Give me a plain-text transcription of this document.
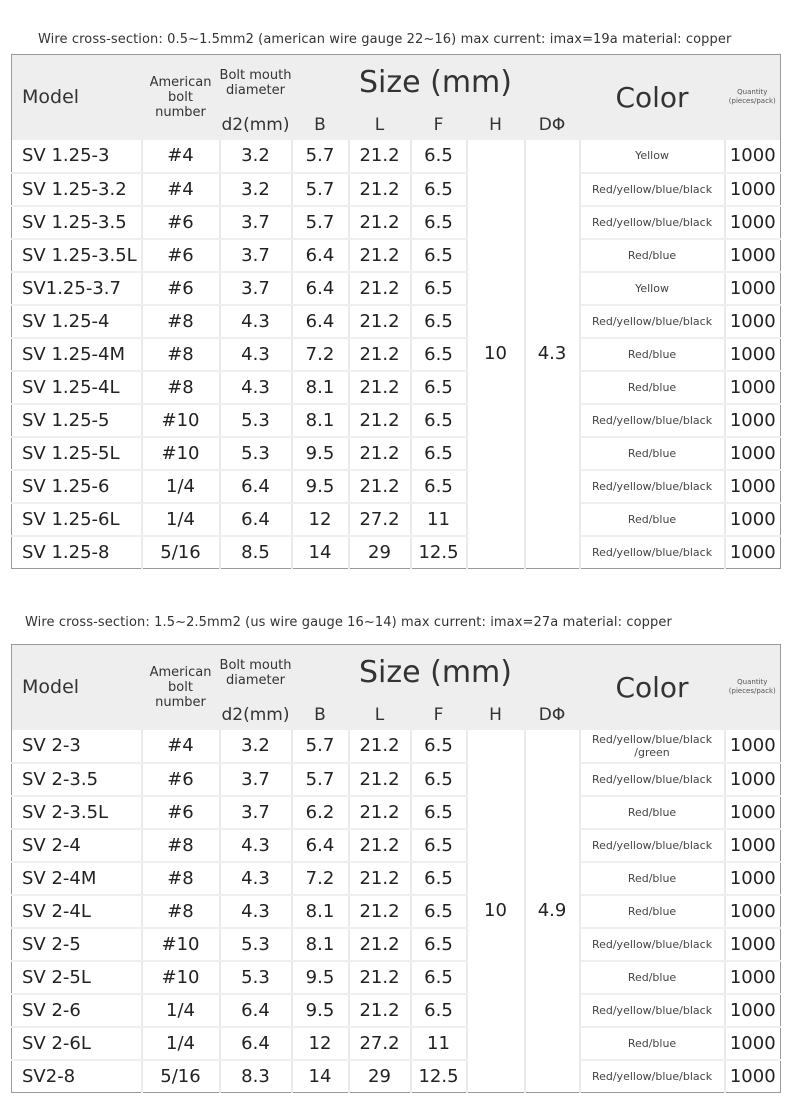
Wire cross-section: 0.5~1.5mm2 (american wire gauge 22~16) max current: imax=19a material: copper
Model	American bolt number	Bolt mouth diameter	Size (mm)					Color	Quantity (pieces/pack)
		d2(mm)	B	L	F	H	DΦ		
SV 1.25-3	#4	3.2	5.7	21.2	6.5	10	4.3	Yellow	1000
SV 1.25-3.2	#4	3.2	5.7	21.2	6.5			Red/yellow/blue/black	1000
SV 1.25-3.5	#6	3.7	5.7	21.2	6.5			Red/yellow/blue/black	1000
SV 1.25-3.5L	#6	3.7	6.4	21.2	6.5			Red/blue	1000
SV1.25-3.7	#6	3.7	6.4	21.2	6.5			Yellow	1000
SV 1.25-4	#8	4.3	6.4	21.2	6.5			Red/yellow/blue/black	1000
SV 1.25-4M	#8	4.3	7.2	21.2	6.5			Red/blue	1000
SV 1.25-4L	#8	4.3	8.1	21.2	6.5			Red/blue	1000
SV 1.25-5	#10	5.3	8.1	21.2	6.5			Red/yellow/blue/black	1000
SV 1.25-5L	#10	5.3	9.5	21.2	6.5			Red/blue	1000
SV 1.25-6	1/4	6.4	9.5	21.2	6.5			Red/yellow/blue/black	1000
SV 1.25-6L	1/4	6.4	12	27.2	11			Red/blue	1000
SV 1.25-8	5/16	8.5	14	29	12.5			Red/yellow/blue/black	1000
Wire cross-section: 1.5~2.5mm2 (us wire gauge 16~14) max current: imax=27a material: copper
Model	American bolt number	Bolt mouth diameter	Size (mm)					Color	Quantity (pieces/pack)
		d2(mm)	B	L	F	H	DΦ		
SV 2-3	#4	3.2	5.7	21.2	6.5	10	4.9	Red/yellow/blue/black /green	1000
SV 2-3.5	#6	3.7	5.7	21.2	6.5			Red/yellow/blue/black	1000
SV 2-3.5L	#6	3.7	6.2	21.2	6.5			Red/blue	1000
SV 2-4	#8	4.3	6.4	21.2	6.5			Red/yellow/blue/black	1000
SV 2-4M	#8	4.3	7.2	21.2	6.5			Red/blue	1000
SV 2-4L	#8	4.3	8.1	21.2	6.5			Red/blue	1000
SV 2-5	#10	5.3	8.1	21.2	6.5			Red/yellow/blue/black	1000
SV 2-5L	#10	5.3	9.5	21.2	6.5			Red/blue	1000
SV 2-6	1/4	6.4	9.5	21.2	6.5			Red/yellow/blue/black	1000
SV 2-6L	1/4	6.4	12	27.2	11			Red/blue	1000
SV2-8	5/16	8.3	14	29	12.5			Red/yellow/blue/black	1000
